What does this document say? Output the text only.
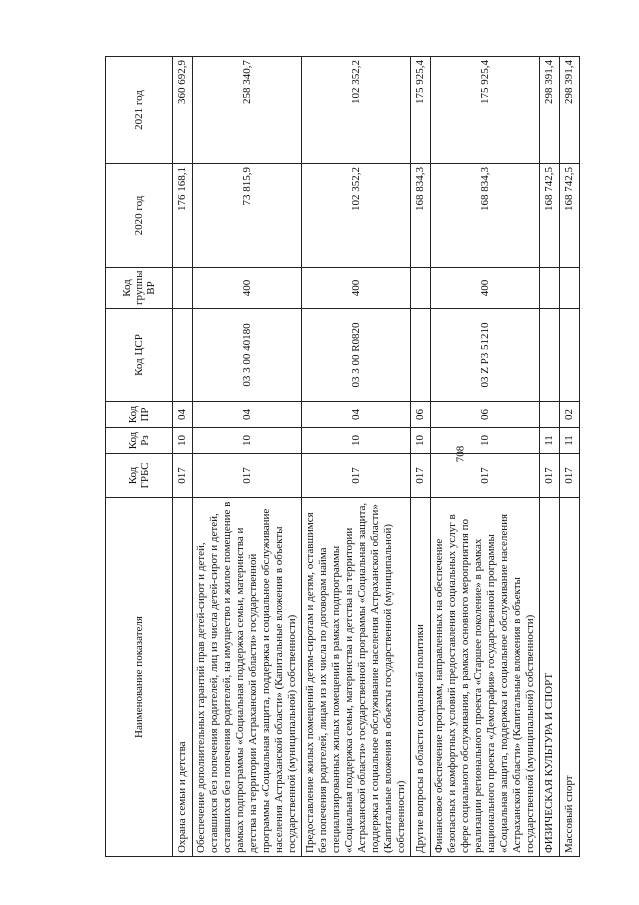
708
Наименование показателя	Код ГРБС	Код Рз	Код ПР	Код ЦСР	Код группы ВР	2020 год	2021 год
Охрана семьи и детства	017	10	04			176 168,1	360 692,9
Обеспечение дополнительных гарантий прав детей-сирот и детей, оставшихся без попечения родителей, лиц из числа детей-сирот и детей, оставшихся без попечения родителей, на имущество и жилое помещение в рамках подпрограммы «Социальная поддержка семьи, материнства и детства на территории Астраханской области» государственной программы «Социальная защита, поддержка и социальное обслуживание населения Астраханской области» (Капитальные вложения в объекты государственной (муниципальной) собственности)	017	10	04	03 3 00 40180	400	73 815,9	258 340,7
Предоставление жилых помещений детям-сиротам и детям, оставшимся без попечения родителей, лицам из их числа по договорам найма специализированных жилых помещений в рамках подпрограммы «Социальная поддержка семьи, материнства и детства на территории Астраханской области» государственной программы «Социальная защита, поддержка и социальное обслуживание населения Астраханской области» (Капитальные вложения в объекты государственной (муниципальной) собственности)	017	10	04	03 3 00 R0820	400	102 352,2	102 352,2
Другие вопросы в области социальной политики	017	10	06			168 834,3	175 925,4
Финансовое обеспечение программ, направленных на обеспечение безопасных и комфортных условий предоставления социальных услуг в сфере социального обслуживания, в рамках основного мероприятия по реализации регионального проекта «Старшее поколение» в рамках национального проекта «Демография» государственной программы «Социальная защита, поддержка и социальное обслуживание населения Астраханской области» (Капитальные вложения в объекты государственной (муниципальной) собственности)	017	10	06	03 Z P3 51210	400	168 834,3	175 925,4
ФИЗИЧЕСКАЯ КУЛЬТУРА И СПОРТ	017	11				168 742,5	298 391,4
Массовый спорт	017	11	02			168 742,5	298 391,4
